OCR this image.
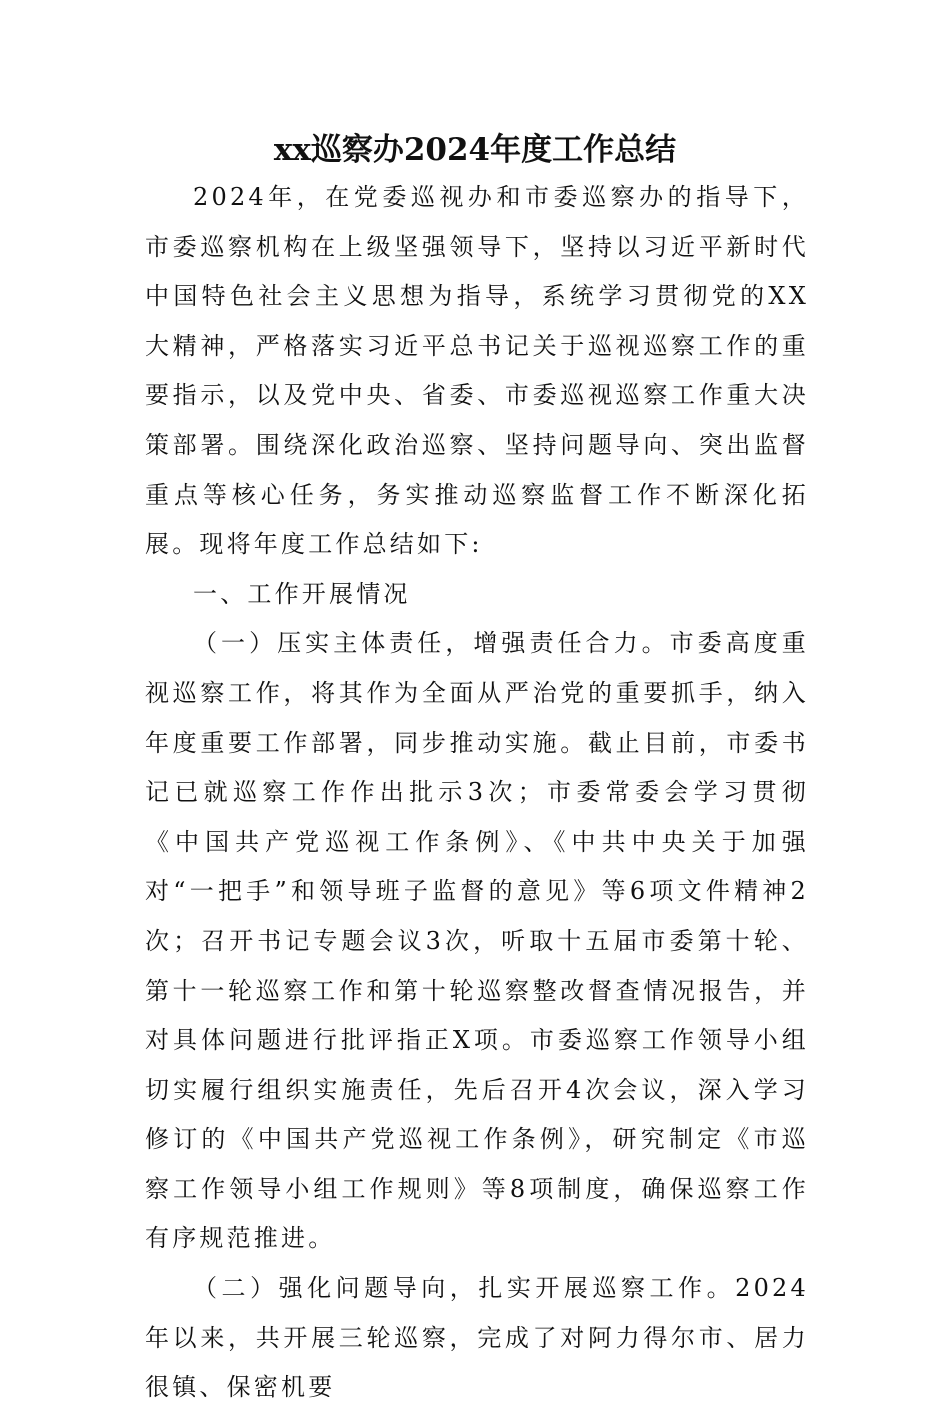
xx巡察办2024年度工作总结

2024年，在党委巡视办和市委巡察办的指导下，市委巡察机构在上级坚强领导下，坚持以习近平新时代中国特色社会主义思想为指导，系统学习贯彻党的XX大精神，严格落实习近平总书记关于巡视巡察工作的重要指示，以及党中央、省委、市委巡视巡察工作重大决策部署。围绕深化政治巡察、坚持问题导向、突出监督重点等核心任务，务实推动巡察监督工作不断深化拓展。现将年度工作总结如下:

一、工作开展情况

（一）压实主体责任，增强责任合力。市委高度重视巡察工作，将其作为全面从严治党的重要抓手，纳入年度重要工作部署，同步推动实施。截止目前，市委书记已就巡察工作作出批示3次；市委常委会学习贯彻《中国共产党巡视工作条例》、《中共中央关于加强对“一把手”和领导班子监督的意见》等6项文件精神2次；召开书记专题会议3次，听取十五届市委第十轮、第十一轮巡察工作和第十轮巡察整改督查情况报告，并对具体问题进行批评指正X项。市委巡察工作领导小组切实履行组织实施责任，先后召开4次会议，深入学习修订的《中国共产党巡视工作条例》，研究制定《市巡察工作领导小组工作规则》等8项制度，确保巡察工作有序规范推进。

（二）强化问题导向，扎实开展巡察工作。2024年以来，共开展三轮巡察，完成了对阿力得尔市、居力很镇、保密机要
